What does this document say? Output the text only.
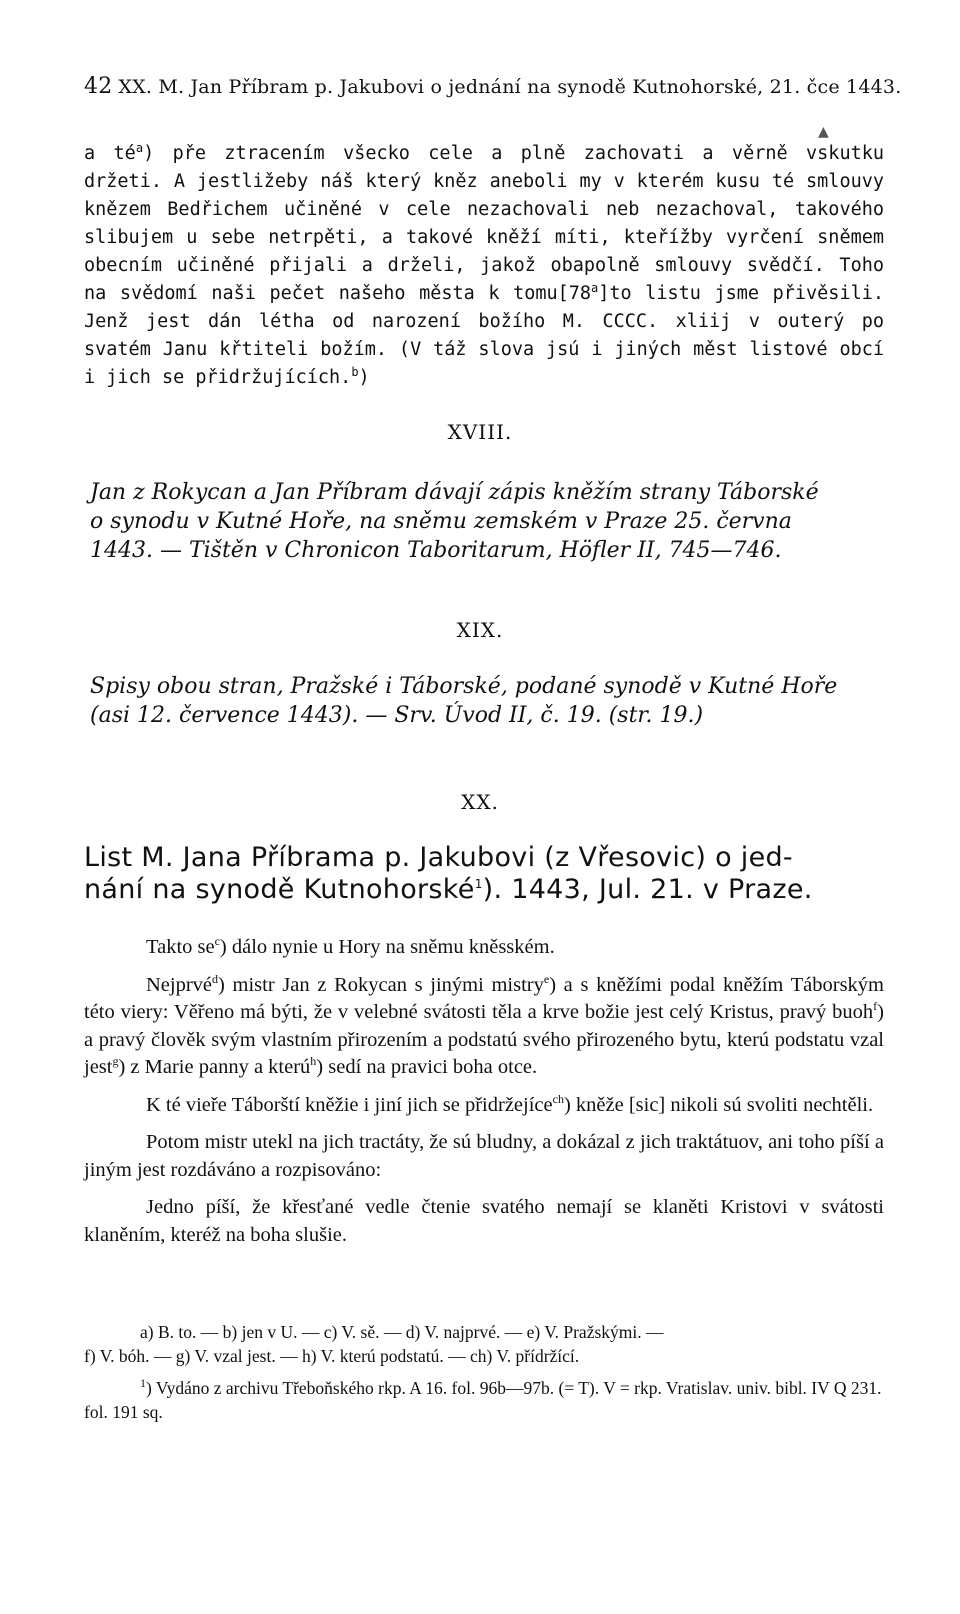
42 XX. M. Jan Příbram p. Jakubovi o jednání na synodě Kutnohorské, 21. čce 1443.
▲

a $té^a$) pře ztracením všecko cele a plně zachovati a věrně vskutku držeti. A jestližeby náš který kněz aneboli my v kterém kusu té smlouvy knězem Bedřichem učiněné v cele nezachovali neb nezachoval, takového slibujem u sebe netrpěti, a takové kněží míti, kteřížby vyrčení sněmem obecním učiněné přijali a drželi, jakož obapolně smlouvy svědčí. Toho na svědomí naši pečet našeho města k tomu[78$^a$]to listu jsme přivěsili. Jenž jest dán létha od narození božího M. CCCC. xliij v outerý po svatém Janu křtiteli božím. (V táž slova jsú i jiných měst listové obcí i jich se přidržujících.$^b$)

XVIII.
Jan z Rokycan a Jan Příbram dávají zápis kněžím strany Táborské
o synodu v Kutné Hoře, na sněmu zemském v Praze 25. června
1443. — Tištěn v Chronicon Taboritarum, Höfler II, 745—746.
XIX.
Spisy obou stran, Pražské i Táborské, podané synodě v Kutné Hoře
(asi 12. července 1443). — Srv. Úvod II, č. 19. (str. 19.)
XX.
List M. Jana Příbrama p. Jakubovi (z Vřesovic) o jed-
nání na synodě Kutnohorské$^1$). 1443, Jul. 21. v Praze.

Takto $se^c$) dálo nynie u Hory na sněmu kněsském.

Nejprvé$^d$) mistr Jan z Rokycan s jinými mistry$^e$) a s kněžími podal kněžím Táborským této viery: Věřeno má býti, že v velebné svátosti těla a krve božie jest celý Kristus, pravý buoh$^f$) a pravý člověk svým vlastním přirozením a podstatú svého přirozeného bytu, kterú podstatu vzal jest$^g$) z Marie panny a kterú$^h$) sedí na pravici boha otce.

K té vieře Táborští kněžie i jiní jich se přidržejíce$^{ch}$) kněže [sic] nikoli sú svoliti nechtěli.

Potom mistr utekl na jich tractáty, že sú bludny, a dokázal z jich traktátuov, ani toho píší a jiným jest rozdáváno a rozpisováno:

Jedno píší, že křesťané vedle čtenie svatého nemají se klaněti Kristovi v svátosti klaněním, kteréž na boha slušie.

a) B. to. — b) jen v U. — c) V. sě. — d) V. najprvé. — e) V. Pražskými. —

f) V. bóh. — g) V. vzal jest. — h) V. kterú podstatú. — ch) V. přídržící.

$^1$) Vydáno z archivu Třeboňského rkp. A 16. fol. 96b—97b. (= T). V = rkp. Vratislav. univ. bibl. IV Q 231. fol. 191 sq.
